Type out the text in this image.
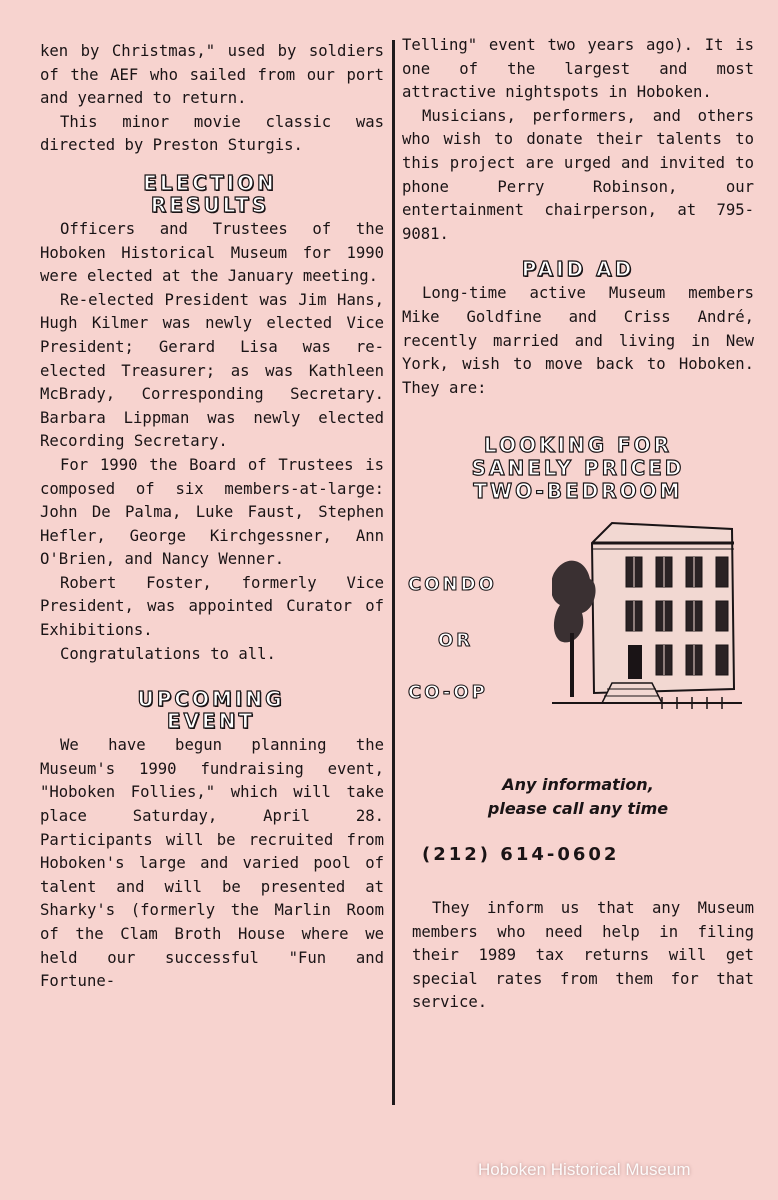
ken by Christmas," used by soldiers of the AEF who sailed from our port and yearned to return.

This minor movie classic was directed by Preston Sturgis.

ELECTION RESULTS

Officers and Trustees of the Hoboken Historical Museum for 1990 were elected at the January meeting.

Re-elected President was Jim Hans, Hugh Kilmer was newly elected Vice President; Gerard Lisa was re-elected Treasurer; as was Kathleen McBrady, Corresponding Secretary. Barbara Lippman was newly elected Recording Secretary.

For 1990 the Board of Trustees is composed of six members-at-large: John De Palma, Luke Faust, Stephen Hefler, George Kirchgessner, Ann O'Brien, and Nancy Wenner.

Robert Foster, formerly Vice President, was appointed Curator of Exhibitions.

Congratulations to all.

UPCOMING EVENT

We have begun planning the Museum's 1990 fundraising event, "Hoboken Follies," which will take place Saturday, April 28. Participants will be recruited from Hoboken's large and varied pool of talent and will be presented at Sharky's (formerly the Marlin Room of the Clam Broth House where we held our successful "Fun and Fortune-

Telling" event two years ago). It is one of the largest and most attractive nightspots in Hoboken.

Musicians, performers, and others who wish to donate their talents to this project are urged and invited to phone Perry Robinson, our entertainment chairperson, at 795-9081.

PAID AD

Long-time active Museum members Mike Goldfine and Criss André, recently married and living in New York, wish to move back to Hoboken. They are:

LOOKING FOR
SANELY PRICED
TWO-BEDROOM
CONDO
OR
CO-OP
Any information,
please call any time
(212) 614-0602

They inform us that any Museum members who need help in filing their 1989 tax returns will get special rates from them for that service.

Hoboken Historical Museum
